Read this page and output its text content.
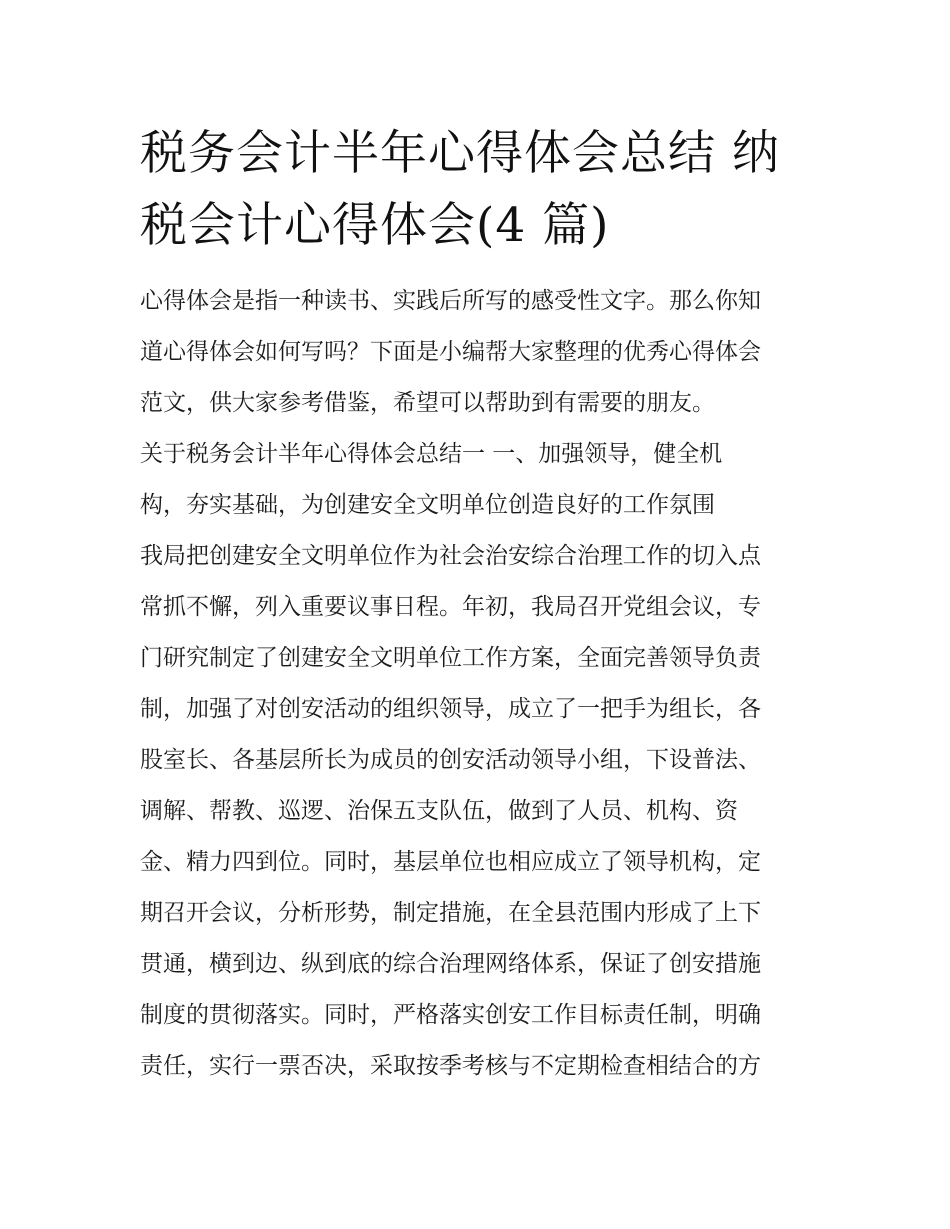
税务会计半年心得体会总结 纳
税会计心得体会(4 篇)
心得体会是指一种读书、实践后所写的感受性文字。那么你知
道心得体会如何写吗？下面是小编帮大家整理的优秀心得体会
范文，供大家参考借鉴，希望可以帮助到有需要的朋友。
关于税务会计半年心得体会总结一 一、加强领导，健全机
构，夯实基础，为创建安全文明单位创造良好的工作氛围
我局把创建安全文明单位作为社会治安综合治理工作的切入点
常抓不懈，列入重要议事日程。年初，我局召开党组会议，专
门研究制定了创建安全文明单位工作方案，全面完善领导负责
制，加强了对创安活动的组织领导，成立了一把手为组长，各
股室长、各基层所长为成员的创安活动领导小组，下设普法、
调解、帮教、巡逻、治保五支队伍，做到了人员、机构、资
金、精力四到位。同时，基层单位也相应成立了领导机构，定
期召开会议，分析形势，制定措施，在全县范围内形成了上下
贯通，横到边、纵到底的综合治理网络体系，保证了创安措施
制度的贯彻落实。同时，严格落实创安工作目标责任制，明确
责任，实行一票否决，采取按季考核与不定期检查相结合的方
